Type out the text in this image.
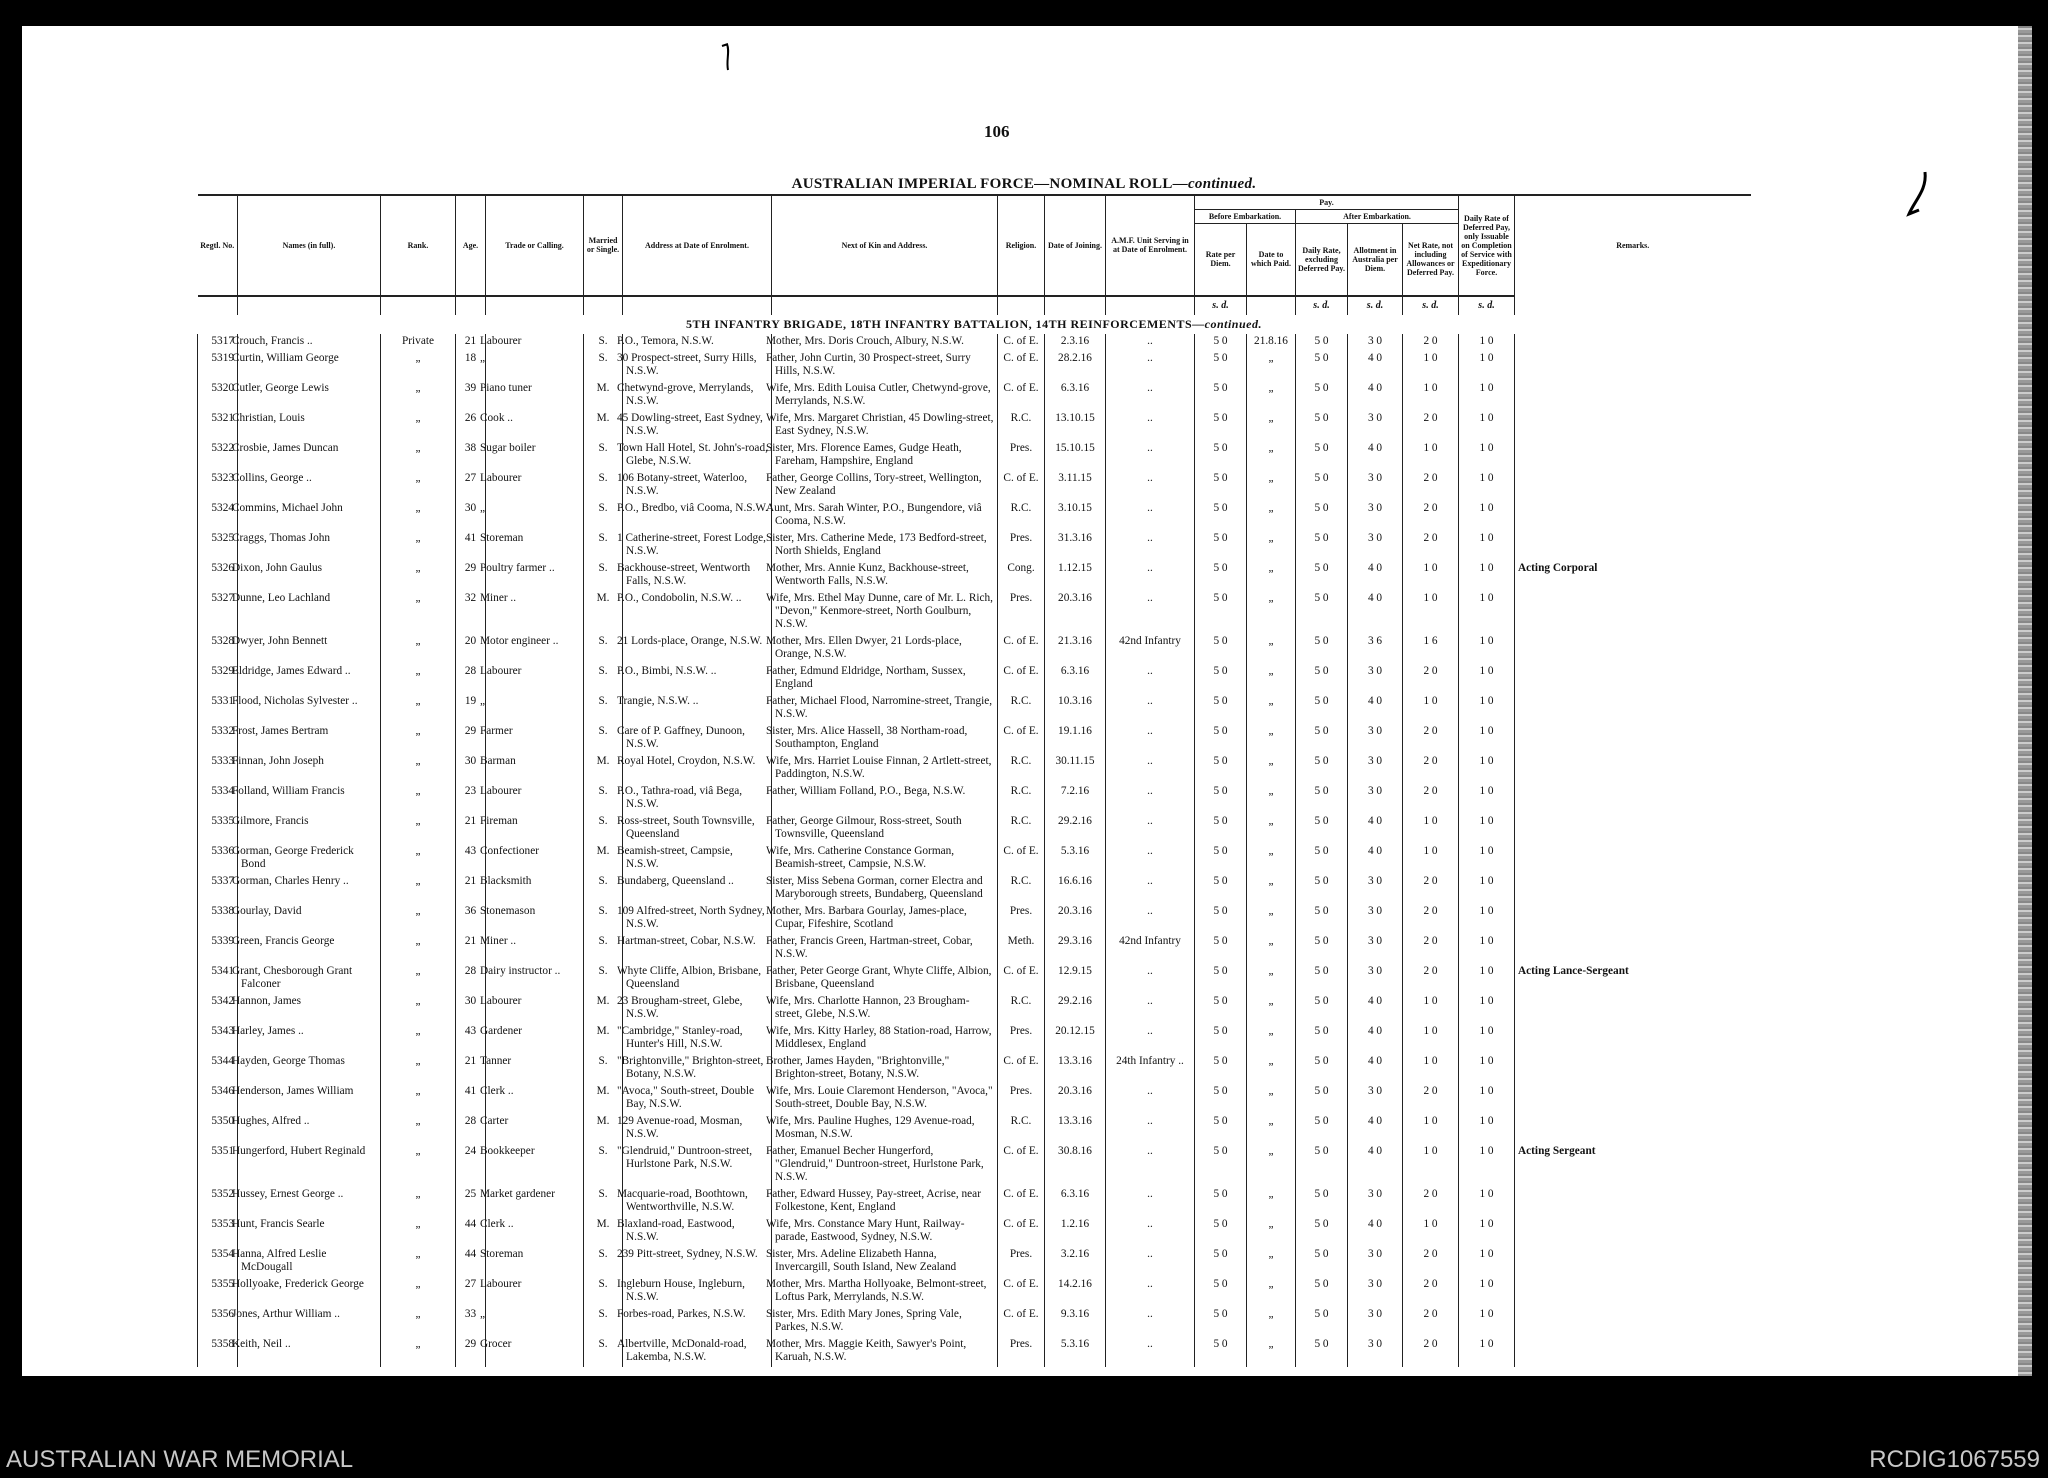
106
AUSTRALIAN IMPERIAL FORCE—NOMINAL ROLL—continued.
Regtl. No.	Names (in full).	Rank.	Age.	Trade or Calling.	Married or Single.	Address at Date of Enrolment.	Next of Kin and Address.	Religion.	Date of Joining.	A.M.F. Unit Serving in at Date of Enrolment.	Pay.					Daily Rate of Deferred Pay, only Issuable on Completion of Service with Expeditionary Force.	Remarks.
											Before Embarkation.		After Embarkation.				
											Rate per Diem.	Date to which Paid.	Daily Rate, excluding Deferred Pay.	Allotment in Australia per Diem.	Net Rate, not including Allowances or Deferred Pay.		
											s. d.		s. d.	s. d.	s. d.	s. d.	
5TH INFANTRY BRIGADE, 18TH INFANTRY BATTALION, 14TH REINFORCEMENTS—continued.																	
5317	Crouch, Francis ..	Private	21	Labourer	S.	P.O., Temora, N.S.W.	Mother, Mrs. Doris Crouch, Albury, N.S.W.	C. of E.	2.3.16	..	5 0	21.8.16	5 0	3 0	2 0	1 0	
5319	Curtin, William George	„	18	„	S.	30 Prospect-street, Surry Hills, N.S.W.	Father, John Curtin, 30 Prospect-street, Surry Hills, N.S.W.	C. of E.	28.2.16	..	5 0	„	5 0	4 0	1 0	1 0	
5320	Cutler, George Lewis	„	39	Piano tuner	M.	Chetwynd-grove, Merrylands, N.S.W.	Wife, Mrs. Edith Louisa Cutler, Chetwynd-grove, Merrylands, N.S.W.	C. of E.	6.3.16	..	5 0	„	5 0	4 0	1 0	1 0	
5321	Christian, Louis	„	26	Cook ..	M.	45 Dowling-street, East Sydney, N.S.W.	Wife, Mrs. Margaret Christian, 45 Dowling-street, East Sydney, N.S.W.	R.C.	13.10.15	..	5 0	„	5 0	3 0	2 0	1 0	
5322	Crosbie, James Duncan	„	38	Sugar boiler	S.	Town Hall Hotel, St. John's-road, Glebe, N.S.W.	Sister, Mrs. Florence Eames, Gudge Heath, Fareham, Hampshire, England	Pres.	15.10.15	..	5 0	„	5 0	4 0	1 0	1 0	
5323	Collins, George ..	„	27	Labourer	S.	106 Botany-street, Waterloo, N.S.W.	Father, George Collins, Tory-street, Wellington, New Zealand	C. of E.	3.11.15	..	5 0	„	5 0	3 0	2 0	1 0	
5324	Commins, Michael John	„	30	„	S.	P.O., Bredbo, viâ Cooma, N.S.W.	Aunt, Mrs. Sarah Winter, P.O., Bungendore, viâ Cooma, N.S.W.	R.C.	3.10.15	..	5 0	„	5 0	3 0	2 0	1 0	
5325	Craggs, Thomas John	„	41	Storeman	S.	1 Catherine-street, Forest Lodge, N.S.W.	Sister, Mrs. Catherine Mede, 173 Bedford-street, North Shields, England	Pres.	31.3.16	..	5 0	„	5 0	3 0	2 0	1 0	
5326	Dixon, John Gaulus	„	29	Poultry farmer ..	S.	Backhouse-street, Wentworth Falls, N.S.W.	Mother, Mrs. Annie Kunz, Backhouse-street, Wentworth Falls, N.S.W.	Cong.	1.12.15	..	5 0	„	5 0	4 0	1 0	1 0	Acting Corporal
5327	Dunne, Leo Lachland	„	32	Miner ..	M.	P.O., Condobolin, N.S.W. ..	Wife, Mrs. Ethel May Dunne, care of Mr. L. Rich, "Devon," Kenmore-street, North Goulburn, N.S.W.	Pres.	20.3.16	..	5 0	„	5 0	4 0	1 0	1 0	
5328	Dwyer, John Bennett	„	20	Motor engineer ..	S.	21 Lords-place, Orange, N.S.W.	Mother, Mrs. Ellen Dwyer, 21 Lords-place, Orange, N.S.W.	C. of E.	21.3.16	42nd Infantry	5 0	„	5 0	3 6	1 6	1 0	
5329	Eldridge, James Edward ..	„	28	Labourer	S.	P.O., Bimbi, N.S.W. ..	Father, Edmund Eldridge, Northam, Sussex, England	C. of E.	6.3.16	..	5 0	„	5 0	3 0	2 0	1 0	
5331	Flood, Nicholas Sylvester ..	„	19	„	S.	Trangie, N.S.W. ..	Father, Michael Flood, Narromine-street, Trangie, N.S.W.	R.C.	10.3.16	..	5 0	„	5 0	4 0	1 0	1 0	
5332	Frost, James Bertram	„	29	Farmer	S.	Care of P. Gaffney, Dunoon, N.S.W.	Sister, Mrs. Alice Hassell, 38 Northam-road, Southampton, England	C. of E.	19.1.16	..	5 0	„	5 0	3 0	2 0	1 0	
5333	Finnan, John Joseph	„	30	Barman	M.	Royal Hotel, Croydon, N.S.W.	Wife, Mrs. Harriet Louise Finnan, 2 Artlett-street, Paddington, N.S.W.	R.C.	30.11.15	..	5 0	„	5 0	3 0	2 0	1 0	
5334	Folland, William Francis	„	23	Labourer	S.	P.O., Tathra-road, viâ Bega, N.S.W.	Father, William Folland, P.O., Bega, N.S.W.	R.C.	7.2.16	..	5 0	„	5 0	3 0	2 0	1 0	
5335	Gilmore, Francis	„	21	Fireman	S.	Ross-street, South Townsville, Queensland	Father, George Gilmour, Ross-street, South Townsville, Queensland	R.C.	29.2.16	..	5 0	„	5 0	4 0	1 0	1 0	
5336	Gorman, George Frederick Bond	„	43	Confectioner	M.	Beamish-street, Campsie, N.S.W.	Wife, Mrs. Catherine Constance Gorman, Beamish-street, Campsie, N.S.W.	C. of E.	5.3.16	..	5 0	„	5 0	4 0	1 0	1 0	
5337	Gorman, Charles Henry ..	„	21	Blacksmith	S.	Bundaberg, Queensland ..	Sister, Miss Sebena Gorman, corner Electra and Maryborough streets, Bundaberg, Queensland	R.C.	16.6.16	..	5 0	„	5 0	3 0	2 0	1 0	
5338	Gourlay, David	„	36	Stonemason	S.	109 Alfred-street, North Sydney, N.S.W.	Mother, Mrs. Barbara Gourlay, James-place, Cupar, Fifeshire, Scotland	Pres.	20.3.16	..	5 0	„	5 0	3 0	2 0	1 0	
5339	Green, Francis George	„	21	Miner ..	S.	Hartman-street, Cobar, N.S.W.	Father, Francis Green, Hartman-street, Cobar, N.S.W.	Meth.	29.3.16	42nd Infantry	5 0	„	5 0	3 0	2 0	1 0	
5341	Grant, Chesborough Grant Falconer	„	28	Dairy instructor ..	S.	Whyte Cliffe, Albion, Brisbane, Queensland	Father, Peter George Grant, Whyte Cliffe, Albion, Brisbane, Queensland	C. of E.	12.9.15	..	5 0	„	5 0	3 0	2 0	1 0	Acting Lance-Sergeant
5342	Hannon, James	„	30	Labourer	M.	23 Brougham-street, Glebe, N.S.W.	Wife, Mrs. Charlotte Hannon, 23 Brougham-street, Glebe, N.S.W.	R.C.	29.2.16	..	5 0	„	5 0	4 0	1 0	1 0	
5343	Harley, James ..	„	43	Gardener	M.	"Cambridge," Stanley-road, Hunter's Hill, N.S.W.	Wife, Mrs. Kitty Harley, 88 Station-road, Harrow, Middlesex, England	Pres.	20.12.15	..	5 0	„	5 0	4 0	1 0	1 0	
5344	Hayden, George Thomas	„	21	Tanner	S.	"Brightonville," Brighton-street, Botany, N.S.W.	Brother, James Hayden, "Brightonville," Brighton-street, Botany, N.S.W.	C. of E.	13.3.16	24th Infantry ..	5 0	„	5 0	4 0	1 0	1 0	
5346	Henderson, James William	„	41	Clerk ..	M.	"Avoca," South-street, Double Bay, N.S.W.	Wife, Mrs. Louie Claremont Henderson, "Avoca," South-street, Double Bay, N.S.W.	Pres.	20.3.16	..	5 0	„	5 0	3 0	2 0	1 0	
5350	Hughes, Alfred ..	„	28	Carter	M.	129 Avenue-road, Mosman, N.S.W.	Wife, Mrs. Pauline Hughes, 129 Avenue-road, Mosman, N.S.W.	R.C.	13.3.16	..	5 0	„	5 0	4 0	1 0	1 0	
5351	Hungerford, Hubert Reginald	„	24	Bookkeeper	S.	"Glendruid," Duntroon-street, Hurlstone Park, N.S.W.	Father, Emanuel Becher Hungerford, "Glendruid," Duntroon-street, Hurlstone Park, N.S.W.	C. of E.	30.8.16	..	5 0	„	5 0	4 0	1 0	1 0	Acting Sergeant
5352	Hussey, Ernest George ..	„	25	Market gardener	S.	Macquarie-road, Boothtown, Wentworthville, N.S.W.	Father, Edward Hussey, Pay-street, Acrise, near Folkestone, Kent, England	C. of E.	6.3.16	..	5 0	„	5 0	3 0	2 0	1 0	
5353	Hunt, Francis Searle	„	44	Clerk ..	M.	Blaxland-road, Eastwood, N.S.W.	Wife, Mrs. Constance Mary Hunt, Railway-parade, Eastwood, Sydney, N.S.W.	C. of E.	1.2.16	..	5 0	„	5 0	4 0	1 0	1 0	
5354	Hanna, Alfred Leslie McDougall	„	44	Storeman	S.	239 Pitt-street, Sydney, N.S.W.	Sister, Mrs. Adeline Elizabeth Hanna, Invercargill, South Island, New Zealand	Pres.	3.2.16	..	5 0	„	5 0	3 0	2 0	1 0	
5355	Hollyoake, Frederick George	„	27	Labourer	S.	Ingleburn House, Ingleburn, N.S.W.	Mother, Mrs. Martha Hollyoake, Belmont-street, Loftus Park, Merrylands, N.S.W.	C. of E.	14.2.16	..	5 0	„	5 0	3 0	2 0	1 0	
5356	Jones, Arthur William ..	„	33	„	S.	Forbes-road, Parkes, N.S.W.	Sister, Mrs. Edith Mary Jones, Spring Vale, Parkes, N.S.W.	C. of E.	9.3.16	..	5 0	„	5 0	3 0	2 0	1 0	
5358	Keith, Neil ..	„	29	Grocer	S.	Albertville, McDonald-road, Lakemba, N.S.W.	Mother, Mrs. Maggie Keith, Sawyer's Point, Karuah, N.S.W.	Pres.	5.3.16	..	5 0	„	5 0	3 0	2 0	1 0	
AUSTRALIAN WAR MEMORIAL	RCDIG1067559
